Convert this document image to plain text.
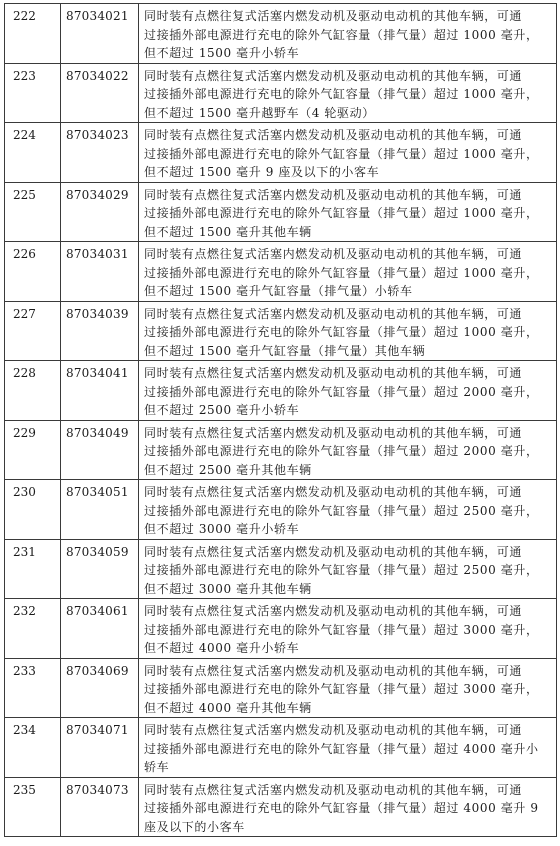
222	87034021	同时装有点燃往复式活塞内燃发动机及驱动电动机的其他车辆，可通
过接插外部电源进行充电的除外气缸容量（排气量）超过 1000 毫升，
但不超过 1500 毫升小轿车

223	87034022	同时装有点燃往复式活塞内燃发动机及驱动电动机的其他车辆，可通
过接插外部电源进行充电的除外气缸容量（排气量）超过 1000 毫升，
但不超过 1500 毫升越野车（4 轮驱动）

224	87034023	同时装有点燃往复式活塞内燃发动机及驱动电动机的其他车辆，可通
过接插外部电源进行充电的除外气缸容量（排气量）超过 1000 毫升，
但不超过 1500 毫升 9 座及以下的小客车

225	87034029	同时装有点燃往复式活塞内燃发动机及驱动电动机的其他车辆，可通
过接插外部电源进行充电的除外气缸容量（排气量）超过 1000 毫升，
但不超过 1500 毫升其他车辆

226	87034031	同时装有点燃往复式活塞内燃发动机及驱动电动机的其他车辆，可通
过接插外部电源进行充电的除外气缸容量（排气量）超过 1000 毫升，
但不超过 1500 毫升气缸容量（排气量）小轿车

227	87034039	同时装有点燃往复式活塞内燃发动机及驱动电动机的其他车辆，可通
过接插外部电源进行充电的除外气缸容量（排气量）超过 1000 毫升，
但不超过 1500 毫升气缸容量（排气量）其他车辆

228	87034041	同时装有点燃往复式活塞内燃发动机及驱动电动机的其他车辆，可通
过接插外部电源进行充电的除外气缸容量（排气量）超过 2000 毫升，
但不超过 2500 毫升小轿车

229	87034049	同时装有点燃往复式活塞内燃发动机及驱动电动机的其他车辆，可通
过接插外部电源进行充电的除外气缸容量（排气量）超过 2000 毫升，
但不超过 2500 毫升其他车辆

230	87034051	同时装有点燃往复式活塞内燃发动机及驱动电动机的其他车辆，可通
过接插外部电源进行充电的除外气缸容量（排气量）超过 2500 毫升，
但不超过 3000 毫升小轿车

231	87034059	同时装有点燃往复式活塞内燃发动机及驱动电动机的其他车辆，可通
过接插外部电源进行充电的除外气缸容量（排气量）超过 2500 毫升，
但不超过 3000 毫升其他车辆

232	87034061	同时装有点燃往复式活塞内燃发动机及驱动电动机的其他车辆，可通
过接插外部电源进行充电的除外气缸容量（排气量）超过 3000 毫升，
但不超过 4000 毫升小轿车

233	87034069	同时装有点燃往复式活塞内燃发动机及驱动电动机的其他车辆，可通
过接插外部电源进行充电的除外气缸容量（排气量）超过 3000 毫升，
但不超过 4000 毫升其他车辆

234	87034071	同时装有点燃往复式活塞内燃发动机及驱动电动机的其他车辆，可通
过接插外部电源进行充电的除外气缸容量（排气量）超过 4000 毫升小
轿车

235	87034073	同时装有点燃往复式活塞内燃发动机及驱动电动机的其他车辆，可通
过接插外部电源进行充电的除外气缸容量（排气量）超过 4000 毫升 9
座及以下的小客车
